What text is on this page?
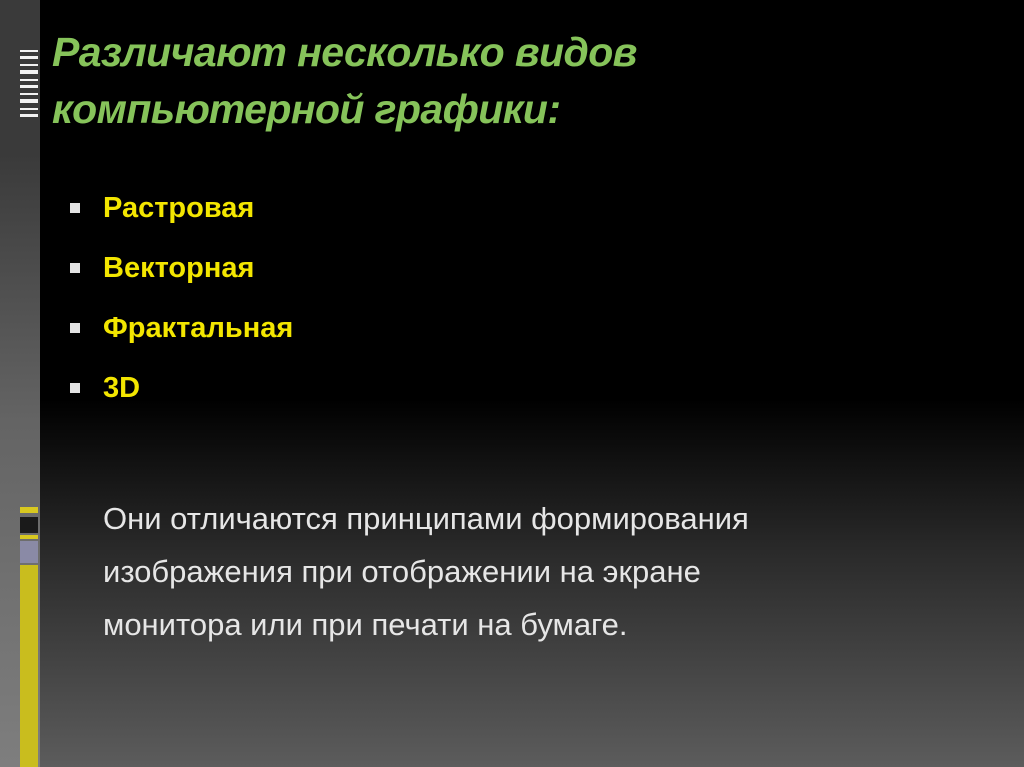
Различают несколько видов
компьютерной графики:
Растровая
Векторная
Фрактальная
3D

Они отличаются принципами формирования
изображения при отображении на экране
монитора или при печати на бумаге.
